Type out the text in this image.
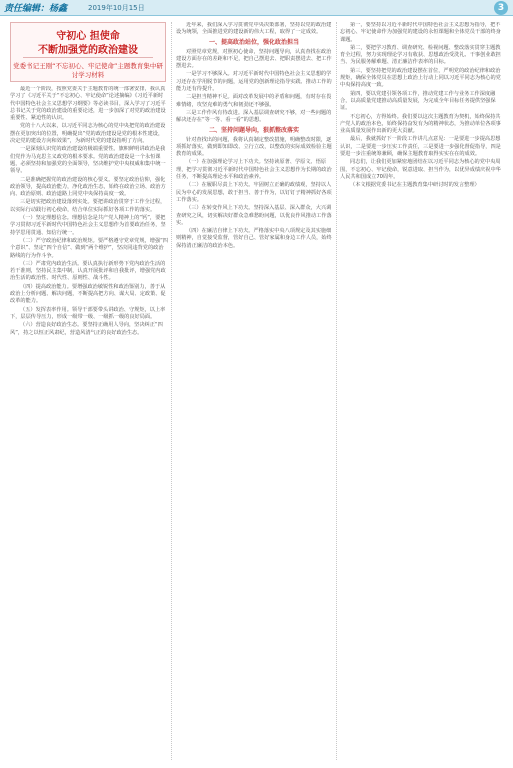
责任编辑：杨鑫	2019年10月15日	3
守初心 担使命
不断加强党的政治建设
党委书记王刚“不忘初心、牢记使命”主题教育集中研讨学习材料
最近一个阶段，按照党委关于主题教育的统一部署安排，我认真学习了《习近平关于“不忘初心、牢记使命”论述摘编》《习近平新时代中国特色社会主义思想学习纲要》等必读书目，深入学习了习近平总书记关于党的政治建设的重要论述，进一步加深了对党的政治建设重要性、紧迫性的认识。
党的十八大以来，以习近平同志为核心的党中央把党的政治建设摆在更加突出的位置，明确提出“党的政治建设是党的根本性建设，决定党的建设方向和效果”，为新时代党的建设指明了方向。
一是深刻认识党的政治建设的极端重要性。旗帜鲜明讲政治是我们党作为马克思主义政党的根本要求。党的政治建设是一个永恒课题，必须坚持和加强党的全面领导，坚决维护党中央权威和集中统一领导。
二是准确把握党的政治建设的核心要义。要坚定政治信仰，强化政治领导，提高政治能力，净化政治生态，始终在政治立场、政治方向、政治原则、政治道路上同党中央保持高度一致。
三是切实把政治建设落到实处。要把讲政治贯穿于工作全过程，以实际行动践行初心使命，结合单位实际抓好各项工作的落实。
（一）坚定理想信念。理想信念是共产党人精神上的“钙”，要把学习贯彻习近平新时代中国特色社会主义思想作为首要政治任务，坚持学思用贯通、知信行统一。
（二）严守政治纪律和政治规矩。要严格遵守党章党规，增强“四个意识”、坚定“四个自信”、做到“两个维护”，坚决同违背党的政治路线的行为作斗争。
（三）严肃党内政治生活。要认真执行新形势下党内政治生活的若干准则，坚持民主集中制，认真开展批评和自我批评，增强党内政治生活的政治性、时代性、原则性、战斗性。
（四）提高政治能力。要增强政治敏锐性和政治鉴别力，善于从政治上分析问题、解决问题，不断提高把方向、谋大局、定政策、促改革的能力。
（五）发挥表率作用。领导干部要带头讲政治、守规矩，以上率下，层层传导压力，形成一级带一级、一级抓一级的良好局面。
（六）营造良好政治生态。要坚持正确用人导向，坚决纠正“四风”，持之以恒正风肃纪，营造风清气正的良好政治生态。
近年来，我们深入学习贯彻党中央决策部署，坚持以党的政治建设为统领，全面推进党的建设新的伟大工程，取得了一定成效。
一、提高政治站位，强化政治担当
对照党章党规，对照初心使命，坚持问题导向，认真查找在政治建设方面存在的差距和不足，把自己摆进去、把职责摆进去、把工作摆进去。
一是学习不够深入。对习近平新时代中国特色社会主义思想的学习还存在学用脱节的问题，运用党的创新理论指导实践、推动工作的能力还有待提升。
二是担当精神不足。面对改革发展中的矛盾和问题，有时存在畏难情绪，攻坚克难的勇气和韧劲还不够强。
三是工作作风有待改进。深入基层调查研究不够，对一些问题的解决还存在“等一等、看一看”的思想。
二、坚持问题导向，狠抓整改落实
针对查找出的问题，我将认真制定整改措施，明确整改时限，逐项抓好落实，做到即知即改、立行立改，以整改的实际成效检验主题教育的成果。
（一）在加强理论学习上下功夫。坚持读原著、学原文、悟原理，把学习贯彻习近平新时代中国特色社会主义思想作为长期的政治任务，不断提高理论水平和政治素养。
（二）在履职尽责上下功夫。牢固树立正确的政绩观，坚持以人民为中心的发展思想，敢于担当、善于作为，以钉钉子精神抓好各项工作落实。
（三）在转变作风上下功夫。坚持深入基层、深入群众，大兴调查研究之风，切实解决好群众急难愁盼问题，以优良作风推动工作落实。
（四）在廉洁自律上下功夫。严格落实中央八项规定及其实施细则精神，自觉接受监督，管好自己、管好家属和身边工作人员，始终保持清正廉洁的政治本色。
第一，要坚持以习近平新时代中国特色社会主义思想为指导，把不忘初心、牢记使命作为加强党的建设的永恒课题和全体党员干部的终身课题。
第二，要把学习教育、调查研究、检视问题、整改落实贯穿主题教育全过程，努力实现理论学习有收获、思想政治受洗礼、干事创业敢担当、为民服务解难题、清正廉洁作表率的目标。
第三，要坚持把党的政治建设摆在首位，严明党的政治纪律和政治规矩，确保全体党员在思想上政治上行动上同以习近平同志为核心的党中央保持高度一致。
第四，要以党建引领各项工作，推动党建工作与业务工作深度融合，以高质量党建推动高质量发展，为完成全年目标任务提供坚强保证。
不忘初心，方得始终。我们要以这次主题教育为契机，始终保持共产党人的政治本色，始终保持奋发有为的精神状态，为推动单位各项事业高质量发展作出新的更大贡献。
最后，我就抓好下一阶段工作讲几点意见：一是要进一步提高思想认识，二是要进一步压实工作责任，三是要进一步强化督促指导，四是要进一步注重统筹兼顾，确保主题教育取得实实在在的成效。
同志们，让我们更加紧密地团结在以习近平同志为核心的党中央周围，不忘初心、牢记使命，锐意进取、担当作为，以优异成绩庆祝中华人民共和国成立70周年。
（本文根据党委书记在主题教育集中研讨时的发言整理）
